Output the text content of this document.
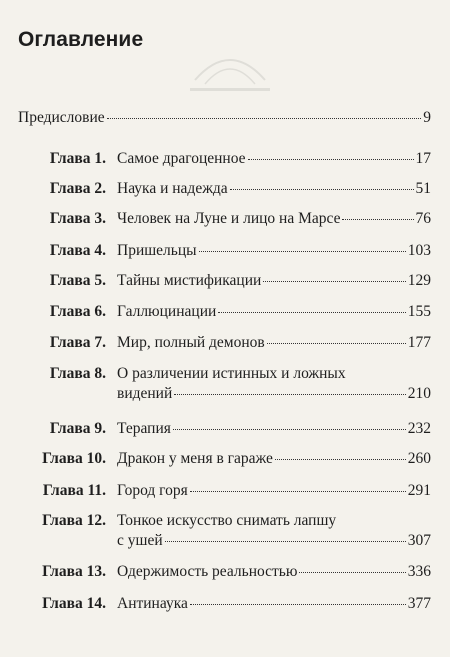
Оглавление
Предисловие	9
Глава 1. Самое драгоценное	17
Глава 2. Наука и надежда	51
Глава 3. Человек на Луне и лицо на Марсе	76
Глава 4. Пришельцы	103
Глава 5. Тайны мистификации	129
Глава 6. Галлюцинации	155
Глава 7. Мир, полный демонов	177
Глава 8. О различении истинных и ложных
видений	210
Глава 9. Терапия	232
Глава 10. Дракон у меня в гараже	260
Глава 11. Город горя	291
Глава 12. Тонкое искусство снимать лапшу
с ушей	307
Глава 13. Одержимость реальностью	336
Глава 14. Антинаука	377
